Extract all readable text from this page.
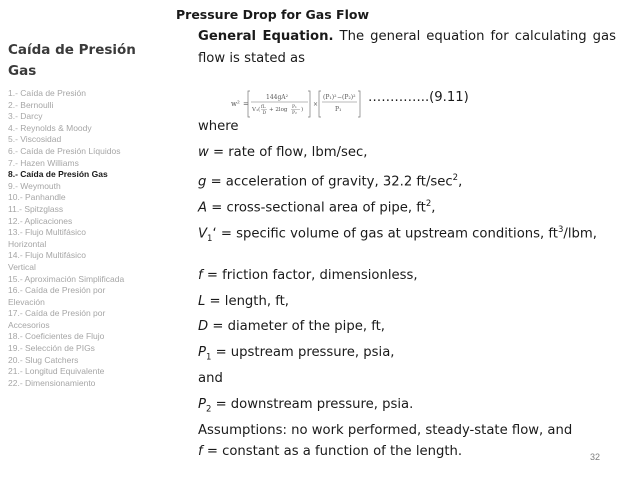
Caída de Presión Gas
1.- Caída de Presión
2.- Bernoulli
3.- Darcy
4.- Reynolds & Moody
5.- Viscosidad
6.- Caída de Presión Líquidos
7.- Hazen Williams
8.- Caída de Presión Gas
9.- Weymouth
10.- Panhandle
11.- Spitzglass
12.- Aplicaciones
13.- Flujo Multifásico
Horizontal
14.- Flujo Multifásico
Vertical
15.- Aproximación Simplificada
16.- Caída de Presión por
Elevación
17.- Caída de Presión por
Accesorios
18.- Coeficientes de Flujo
19.- Selección de PIGs
20.- Slug Catchers
21.- Longitud Equivalente
22.- Dimensionamiento
Pressure Drop for Gas Flow
General Equation. The general equation for calculating gas flow is stated as
w² =
144gA²
V₁( fL
D
+ 2log P₁
P₂
)
×
(P₁)² − (P₂)²
P₁
…………..(9.11)
where
w = rate of flow, lbm/sec,
g = acceleration of gravity, 32.2 $ft/\sec^2$,
A = cross-sectional area of pipe, $ft^2$,
$V_1‘$ = specific volume of gas at upstream conditions, $ft^3$/lbm,
f = friction factor, dimensionless,
L = length, ft,
D = diameter of the pipe, ft,
$P_1$ = upstream pressure, psia,
and
$P_2$ = downstream pressure, psia.
Assumptions: no work performed, steady-state flow, and
f = constant as a function of the length.	32
